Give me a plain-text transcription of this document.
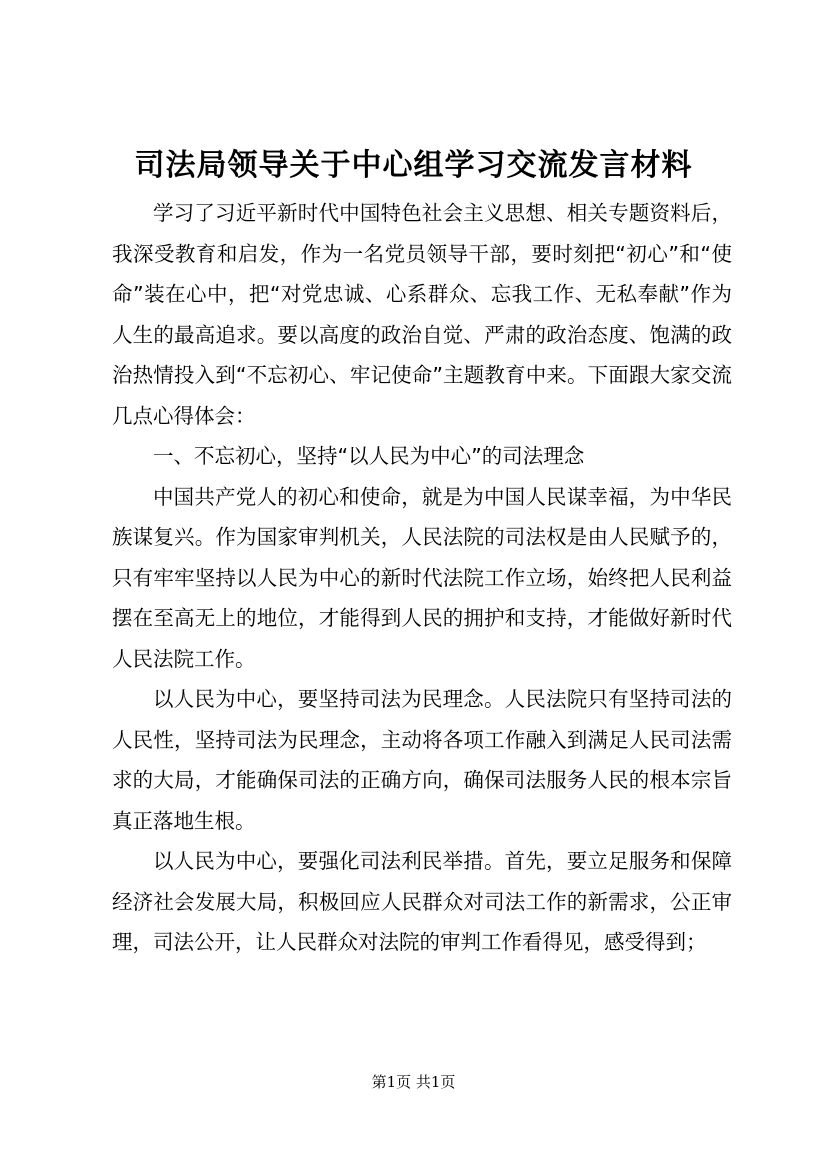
司法局领导关于中心组学习交流发言材料

学习了习近平新时代中国特色社会主义思想、相关专题资料后，我深受教育和启发，作为一名党员领导干部，要时刻把“初心”和“使命”装在心中，把“对党忠诚、心系群众、忘我工作、无私奉献”作为人生的最高追求。要以高度的政治自觉、严肃的政治态度、饱满的政治热情投入到“不忘初心、牢记使命”主题教育中来。下面跟大家交流几点心得体会：

一、不忘初心，坚持“以人民为中心”的司法理念

中国共产党人的初心和使命，就是为中国人民谋幸福，为中华民族谋复兴。作为国家审判机关，人民法院的司法权是由人民赋予的，只有牢牢坚持以人民为中心的新时代法院工作立场，始终把人民利益摆在至高无上的地位，才能得到人民的拥护和支持，才能做好新时代人民法院工作。

以人民为中心，要坚持司法为民理念。人民法院只有坚持司法的人民性，坚持司法为民理念，主动将各项工作融入到满足人民司法需求的大局，才能确保司法的正确方向，确保司法服务人民的根本宗旨真正落地生根。

以人民为中心，要强化司法利民举措。首先，要立足服务和保障经济社会发展大局，积极回应人民群众对司法工作的新需求，公正审理，司法公开，让人民群众对法院的审判工作看得见，感受得到；

第1页 共1页
